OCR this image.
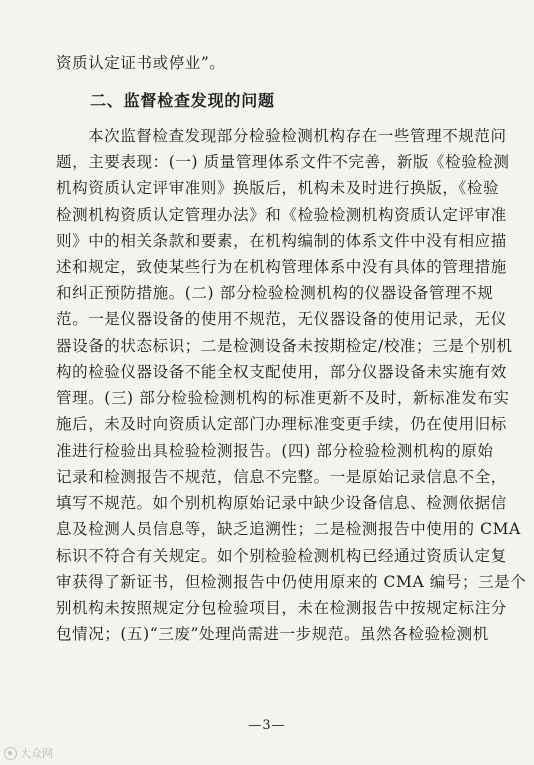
资质认定证书或停业”。
二、监督检查发现的问题
本次监督检查发现部分检验检测机构存在一些管理不规范问
题，主要表现：(一) 质量管理体系文件不完善，新版《检验检测
机构资质认定评审准则》换版后，机构未及时进行换版，《检验
检测机构资质认定管理办法》和《检验检测机构资质认定评审准
则》中的相关条款和要素，在机构编制的体系文件中没有相应描
述和规定，致使某些行为在机构管理体系中没有具体的管理措施
和纠正预防措施。(二) 部分检验检测机构的仪器设备管理不规
范。一是仪器设备的使用不规范，无仪器设备的使用记录，无仪
器设备的状态标识；二是检测设备未按期检定/校准；三是个别机
构的检验仪器设备不能全权支配使用，部分仪器设备未实施有效
管理。(三) 部分检验检测机构的标准更新不及时，新标准发布实
施后，未及时向资质认定部门办理标准变更手续，仍在使用旧标
准进行检验出具检验检测报告。(四) 部分检验检测机构的原始
记录和检测报告不规范，信息不完整。一是原始记录信息不全，
填写不规范。如个别机构原始记录中缺少设备信息、检测依据信
息及检测人员信息等，缺乏追溯性；二是检测报告中使用的 CMA
标识不符合有关规定。如个别检验检测机构已经通过资质认定复
审获得了新证书，但检测报告中仍使用原来的 CMA 编号；三是个
别机构未按照规定分包检验项目，未在检测报告中按规定标注分
包情况；(五)“三废”处理尚需进一步规范。虽然各检验检测机
—3—
大众网
